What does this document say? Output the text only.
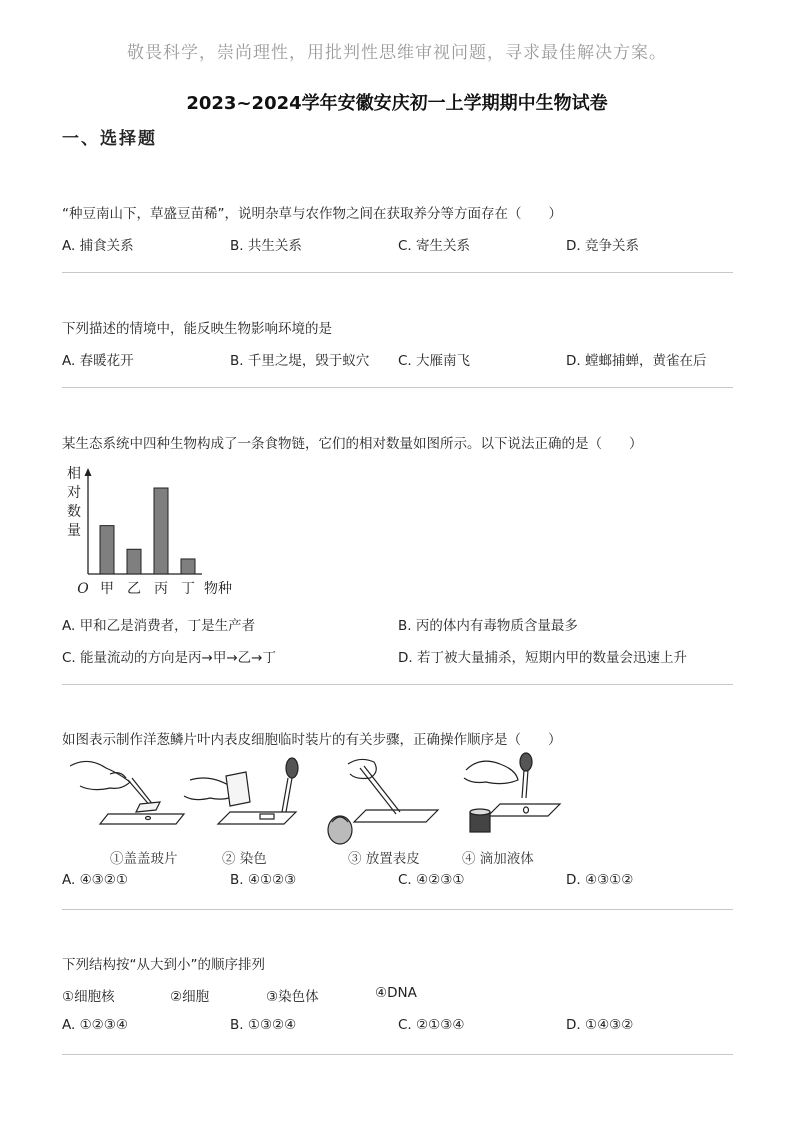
敬畏科学，崇尚理性，用批判性思维审视问题，寻求最佳解决方案。
2023~2024学年安徽安庆初一上学期期中生物试卷
一、选择题
“种豆南山下，草盛豆苗稀”，说明杂草与农作物之间在获取养分等方面存在（　　）
A. 捕食关系	B. 共生关系	C. 寄生关系	D. 竞争关系
下列描述的情境中，能反映生物影响环境的是
A. 春暖花开	B. 千里之堤，毁于蚁穴 C. 大雁南飞	D. 螳螂捕蝉，黄雀在后
某生态系统中四种生物构成了一条食物链，它们的相对数量如图所示。以下说法正确的是（　　）
相
对
数
量
O	物种
甲 乙 丙 丁
A. 甲和乙是消费者，丁是生产者	B. 丙的体内有毒物质含量最多
C. 能量流动的方向是丙→甲→乙→丁	D. 若丁被大量捕杀，短期内甲的数量会迅速上升
如图表示制作洋葱鳞片叶内表皮细胞临时装片的有关步骤，正确操作顺序是（　　）
①盖盖玻片	② 染色	③ 放置表皮	④ 滴加液体
A. ④③②①	B. ④①②③	C. ④②③①	D. ④③①②
下列结构按“从大到小”的顺序排列
①细胞核	②细胞	③染色体	④DNA
A. ①②③④	B. ①③②④	C. ②①③④	D. ①④③②
